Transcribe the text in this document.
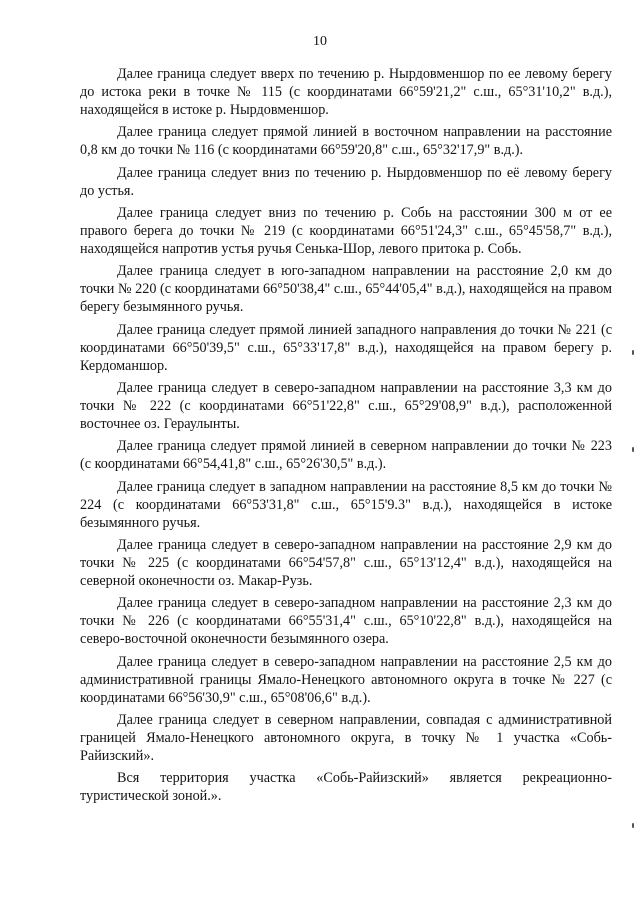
10

Далее граница следует вверх по течению р. Нырдовменшор по ее левому берегу до истока реки в точке № 115 (с координатами 66°59'21,2" с.ш., 65°31'10,2" в.д.), находящейся в истоке р. Нырдовменшор.

Далее граница следует прямой линией в восточном направлении на расстояние 0,8 км до точки № 116 (с координатами 66°59'20,8" с.ш., 65°32'17,9" в.д.).

Далее граница следует вниз по течению р. Нырдовменшор по её левому берегу до устья.

Далее граница следует вниз по течению р. Собь на расстоянии 300 м от ее правого берега до точки № 219 (с координатами 66°51'24,3" с.ш., 65°45'58,7" в.д.), находящейся напротив устья ручья Сенька-Шор, левого притока р. Собь.

Далее граница следует в юго-западном направлении на расстояние 2,0 км до точки № 220 (с координатами 66°50'38,4" с.ш., 65°44'05,4" в.д.), находящейся на правом берегу безымянного ручья.

Далее граница следует прямой линией западного направления до точки № 221 (с координатами 66°50'39,5" с.ш., 65°33'17,8" в.д.), находящейся на правом берегу р. Кердоманшор.

Далее граница следует в северо-западном направлении на расстояние 3,3 км до точки № 222 (с координатами 66°51'22,8" с.ш., 65°29'08,9" в.д.), расположенной восточнее оз. Гераулынты.

Далее граница следует прямой линией в северном направлении до точки № 223 (с координатами 66°54,41,8" с.ш., 65°26'30,5" в.д.).

Далее граница следует в западном направлении на расстояние 8,5 км до точки № 224 (с координатами 66°53'31,8" с.ш., 65°15'9.3" в.д.), находящейся в истоке безымянного ручья.

Далее граница следует в северо-западном направлении на расстояние 2,9 км до точки № 225 (с координатами 66°54'57,8" с.ш., 65°13'12,4" в.д.), находящейся на северной оконечности оз. Макар-Рузь.

Далее граница следует в северо-западном направлении на расстояние 2,3 км до точки № 226 (с координатами 66°55'31,4" с.ш., 65°10'22,8" в.д.), находящейся на северо-восточной оконечности безымянного озера.

Далее граница следует в северо-западном направлении на расстояние 2,5 км до административной границы Ямало-Ненецкого автономного округа в точке № 227 (с координатами 66°56'30,9" с.ш., 65°08'06,6" в.д.).

Далее граница следует в северном направлении, совпадая с административной границей Ямало-Ненецкого автономного округа, в точку № 1 участка «Собь-Райизский».

Вся территория участка «Собь-Райизский» является рекреационно-туристической зоной.».
